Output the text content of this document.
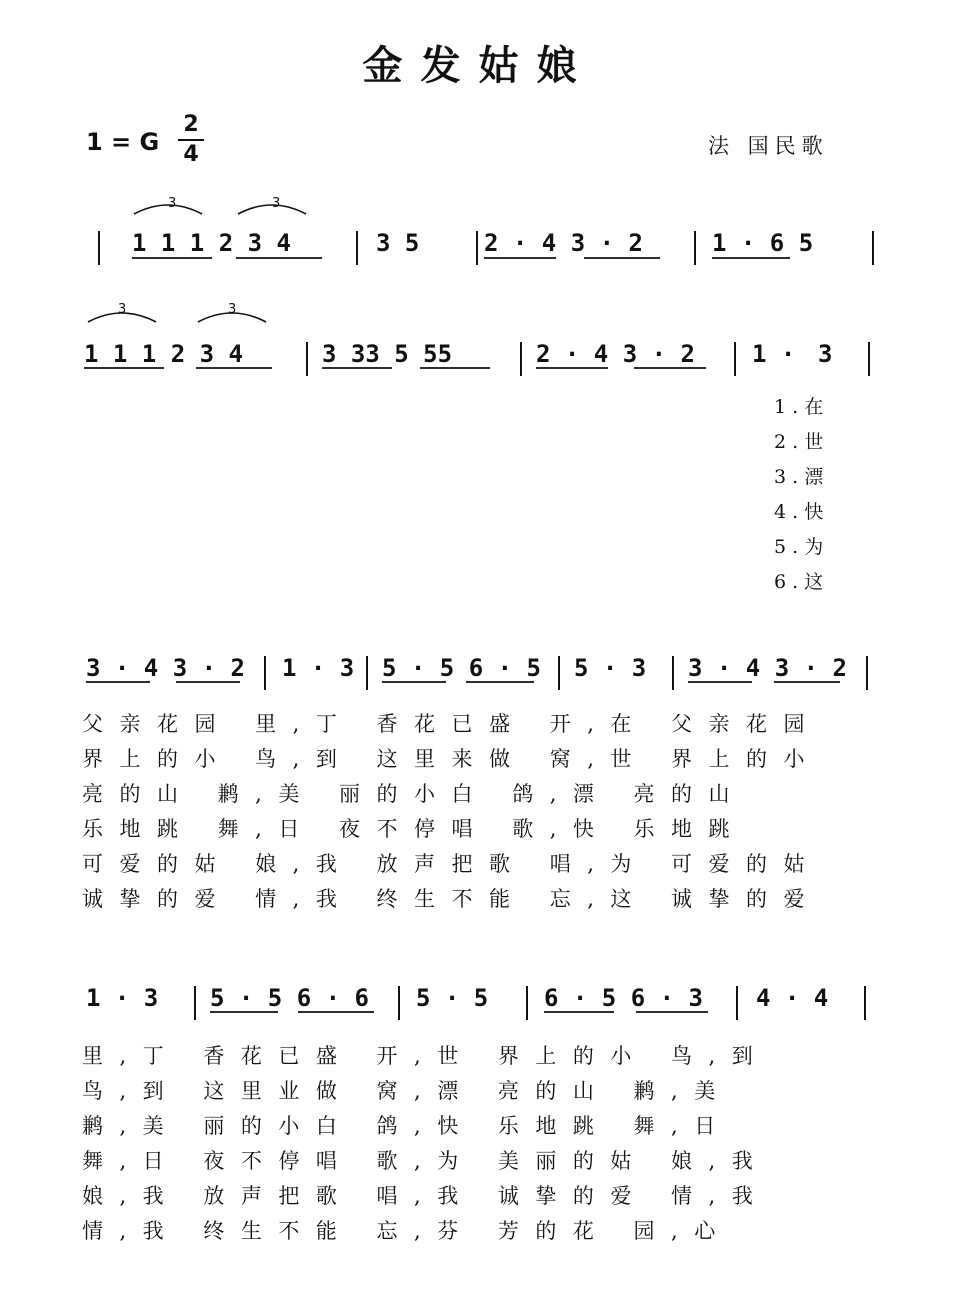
金发姑娘
1 = G
2
4	法 国民歌
1 1 1 2 3 4	3 5	2 · 4 3 · 2	1 · 6 5
3	3
1 1 1 2 3 4	3 33 5 55	2 · 4 3 · 2 1 · 3
3	3
1 . 在
2 . 世
3 . 漂
4 . 快
5 . 为
6 . 这
3 · 4 3 · 2 1 · 3 5 · 5 6 · 5 5 · 3 3 · 4 3 · 2
父亲花园 里,丁 香花已盛 开,在 父亲花园
界上的小 鸟,到 这里来做 窝,世 界上的小
亮的山 鹣,美 丽的小白 鸽,漂 亮的山
乐地跳 舞,日 夜不停唱 歌,快 乐地跳
可爱的姑 娘,我 放声把歌 唱,为 可爱的姑
诚挚的爱 情,我 终生不能 忘,这 诚挚的爱
1 · 3 5 · 5 6 · 6 5 · 5 6 · 5 6 · 3 4 · 4
里,丁 香花已盛 开,世 界上的小 鸟,到
鸟,到 这里业做 窝,漂 亮的山 鹣,美
鹣,美 丽的小白 鸽,快 乐地跳 舞,日
舞,日 夜不停唱 歌,为 美丽的姑 娘,我
娘,我 放声把歌 唱,我 诚挚的爱 情,我
情,我 终生不能 忘,芬 芳的花 园,心
